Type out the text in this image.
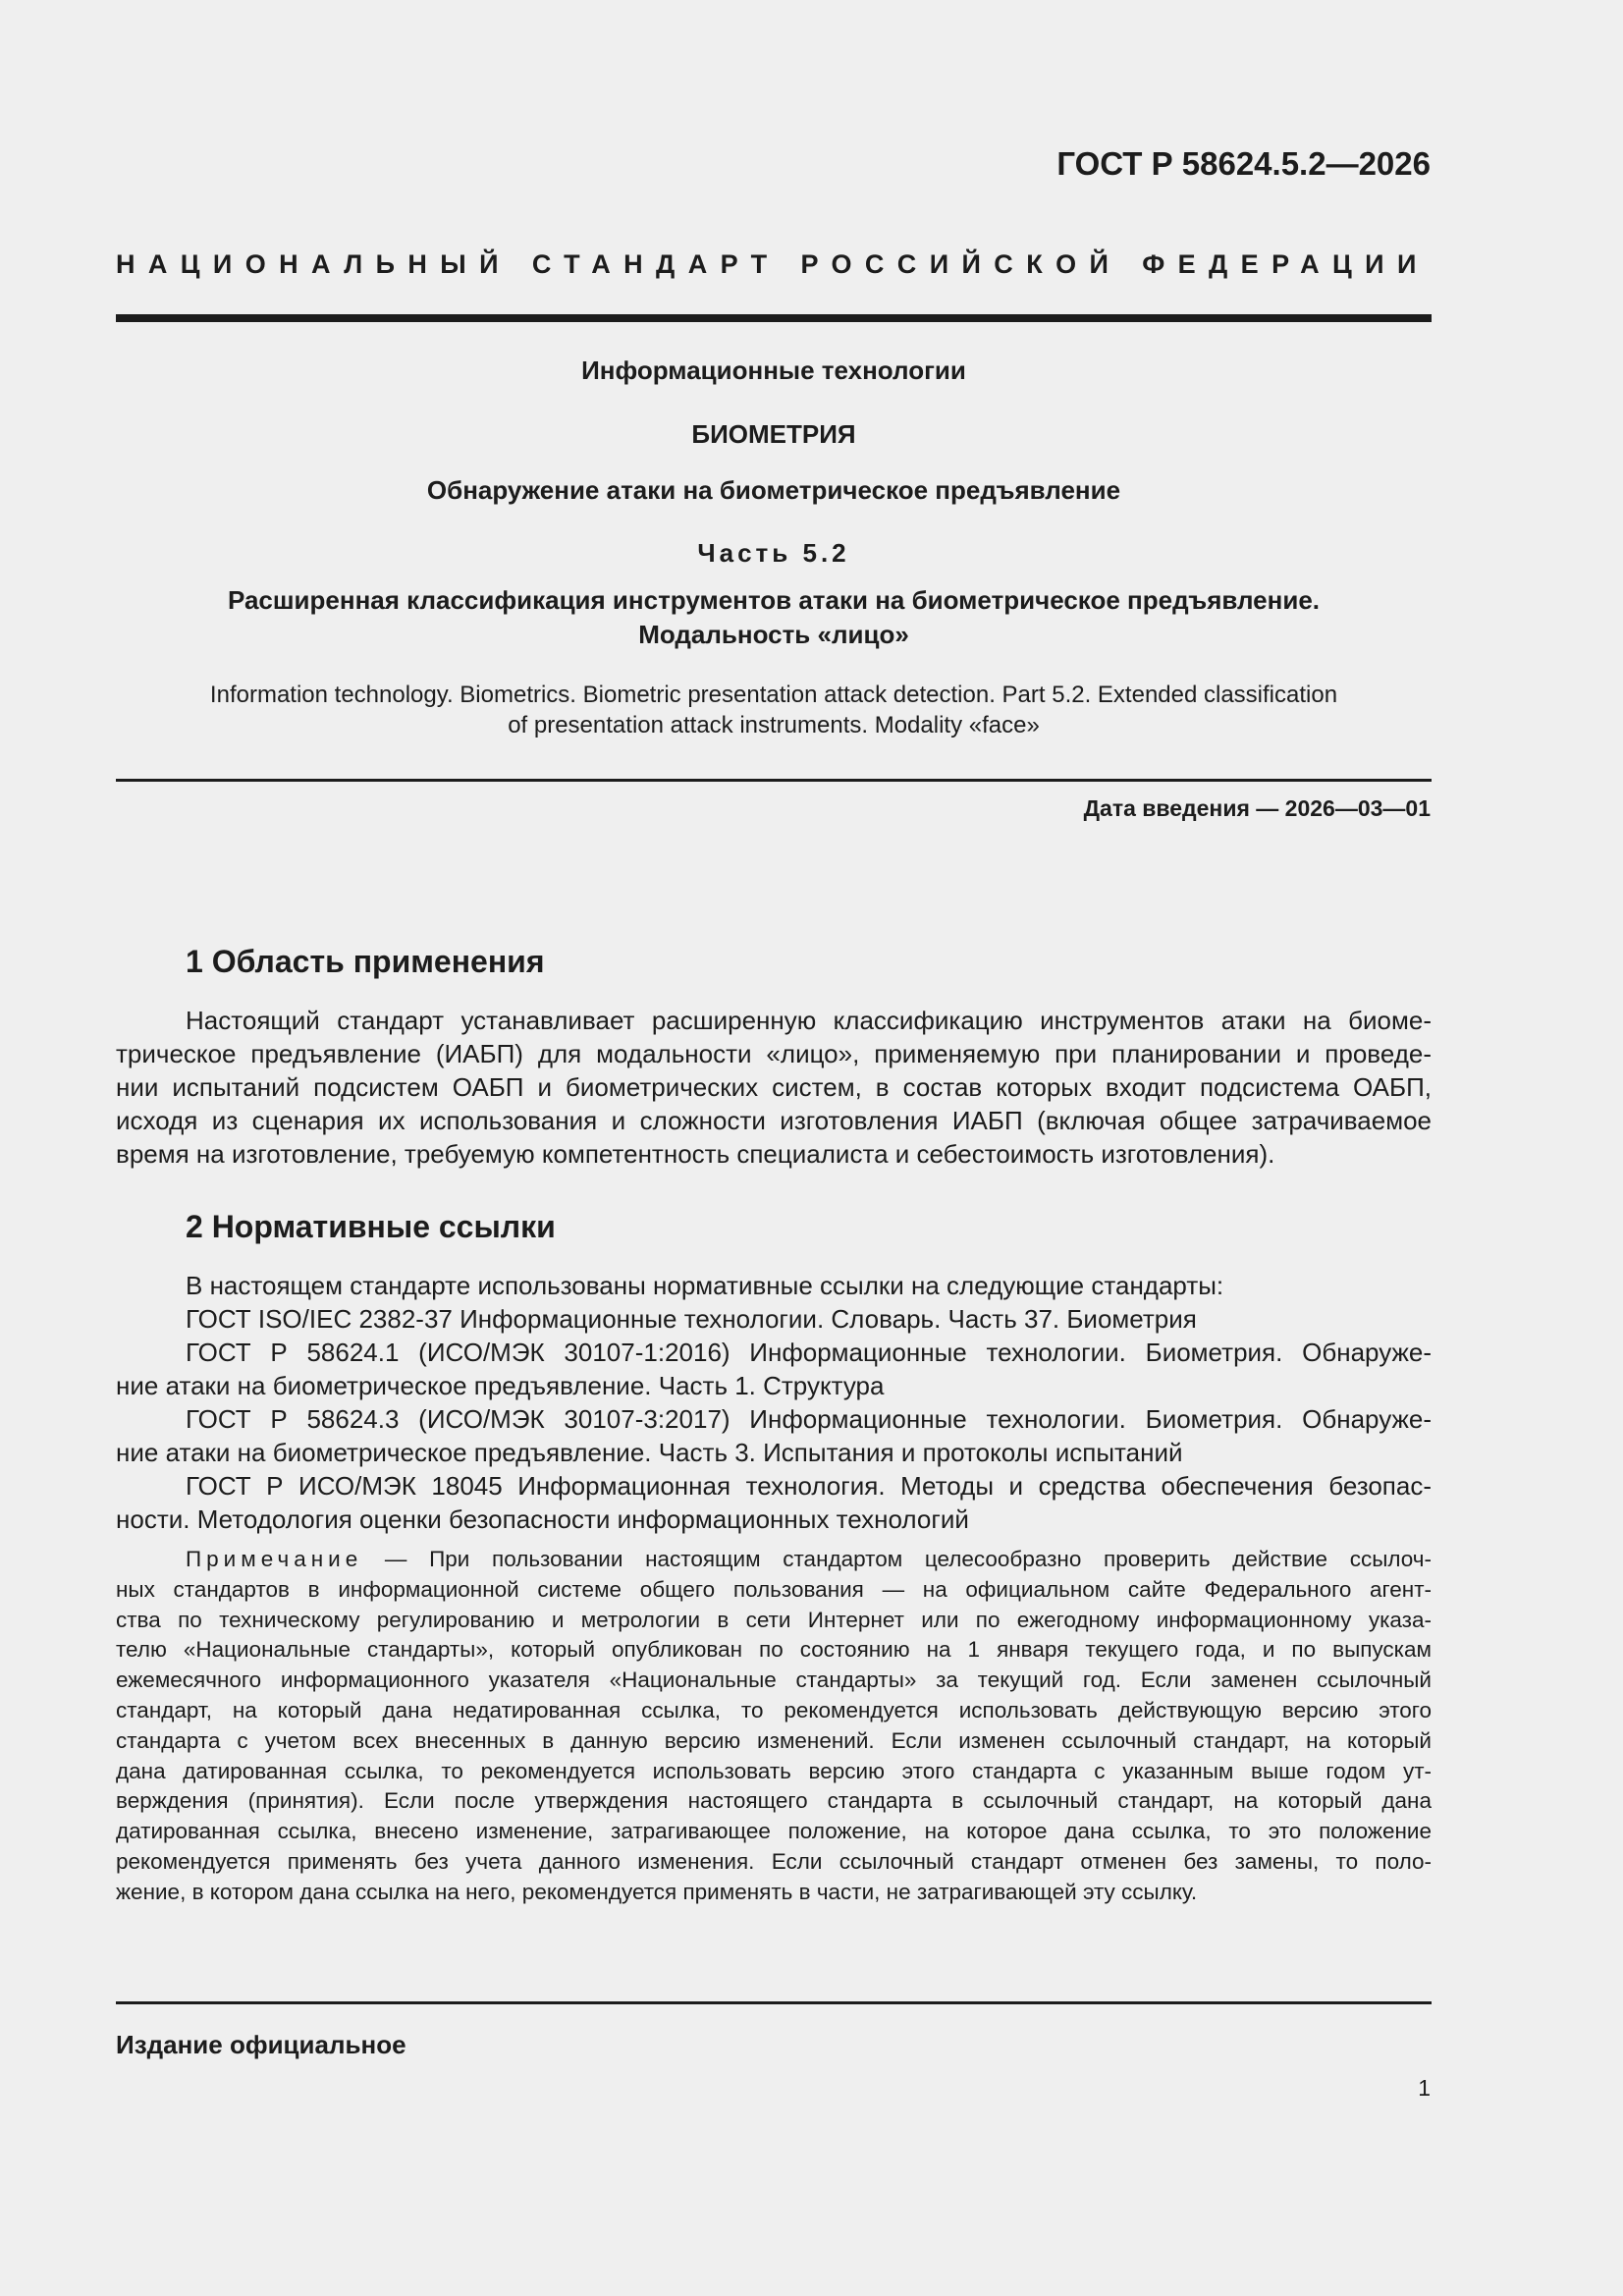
ГОСТ Р 58624.5.2—2026
НАЦИОНАЛЬНЫЙ СТАНДАРТ РОССИЙСКОЙ ФЕДЕРАЦИИ
Информационные технологии
БИОМЕТРИЯ
Обнаружение атаки на биометрическое предъявление
Часть 5.2
Расширенная классификация инструментов атаки на биометрическое предъявление.
Модальность «лицо»
Information technology. Biometrics. Biometric presentation attack detection. Part 5.2. Extended classification
of presentation attack instruments. Modality «face»
Дата введения — 2026—03—01
1 Область применения
Настоящий стандарт устанавливает расширенную классификацию инструментов атаки на биоме-
трическое предъявление (ИАБП) для модальности «лицо», применяемую при планировании и проведе-
нии испытаний подсистем ОАБП и биометрических систем, в состав которых входит подсистема ОАБП,
исходя из сценария их использования и сложности изготовления ИАБП (включая общее затрачиваемое
время на изготовление, требуемую компетентность специалиста и себестоимость изготовления).
2 Нормативные ссылки
В настоящем стандарте использованы нормативные ссылки на следующие стандарты:
ГОСТ ISO/IEC 2382-37 Информационные технологии. Словарь. Часть 37. Биометрия
ГОСТ Р 58624.1 (ИСО/МЭК 30107-1:2016) Информационные технологии. Биометрия. Обнаруже-
ние атаки на биометрическое предъявление. Часть 1. Структура
ГОСТ Р 58624.3 (ИСО/МЭК 30107-3:2017) Информационные технологии. Биометрия. Обнаруже-
ние атаки на биометрическое предъявление. Часть 3. Испытания и протоколы испытаний
ГОСТ Р ИСО/МЭК 18045 Информационная технология. Методы и средства обеспечения безопас-
ности. Методология оценки безопасности информационных технологий
Примечание — При пользовании настоящим стандартом целесообразно проверить действие ссылоч-
ных стандартов в информационной системе общего пользования — на официальном сайте Федерального агент-
ства по техническому регулированию и метрологии в сети Интернет или по ежегодному информационному указа-
телю «Национальные стандарты», который опубликован по состоянию на 1 января текущего года, и по выпускам
ежемесячного информационного указателя «Национальные стандарты» за текущий год. Если заменен ссылочный
стандарт, на который дана недатированная ссылка, то рекомендуется использовать действующую версию этого
стандарта с учетом всех внесенных в данную версию изменений. Если изменен ссылочный стандарт, на который
дана датированная ссылка, то рекомендуется использовать версию этого стандарта с указанным выше годом ут-
верждения (принятия). Если после утверждения настоящего стандарта в ссылочный стандарт, на который дана
датированная ссылка, внесено изменение, затрагивающее положение, на которое дана ссылка, то это положение
рекомендуется применять без учета данного изменения. Если ссылочный стандарт отменен без замены, то поло-
жение, в котором дана ссылка на него, рекомендуется применять в части, не затрагивающей эту ссылку.
Издание официальное
1
